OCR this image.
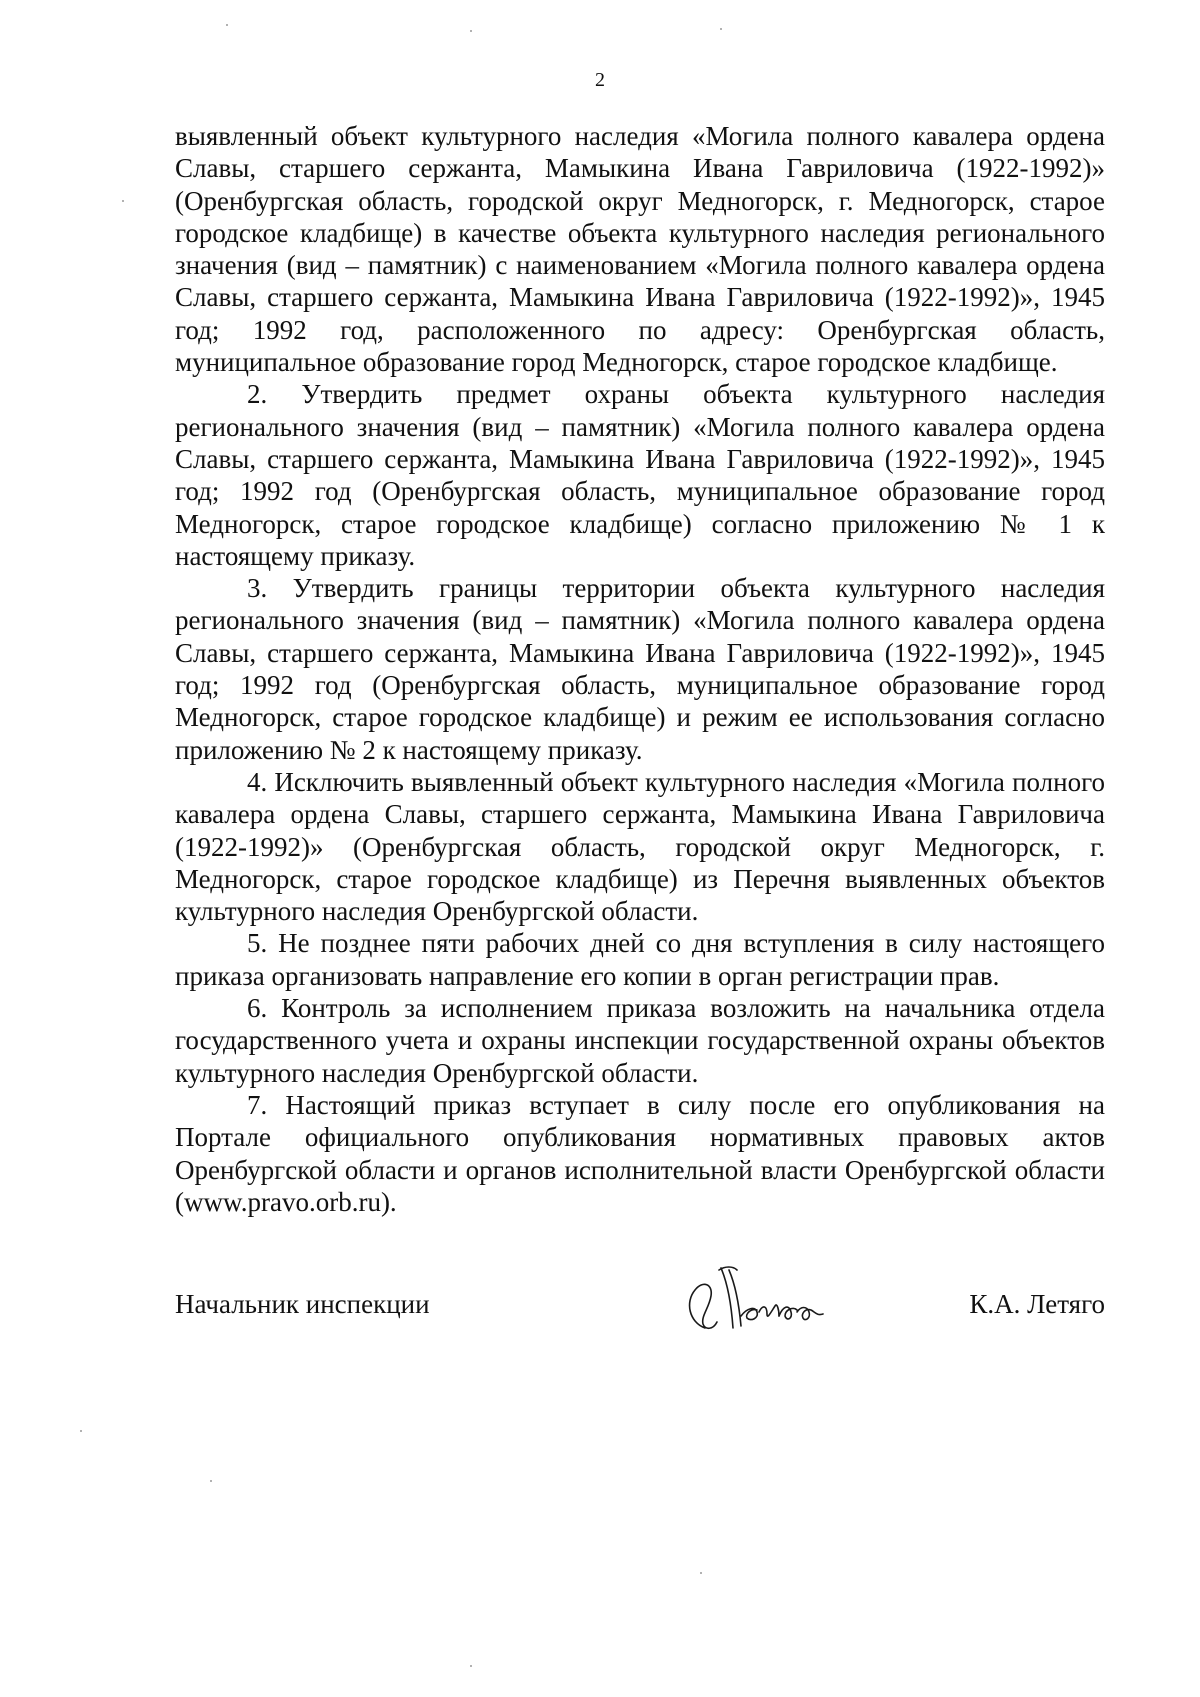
2

выявленный объект культурного наследия «Могила полного кавалера ордена Славы, старшего сержанта, Мамыкина Ивана Гавриловича (1922-1992)» (Оренбургская область, городской округ Медногорск, г. Медногорск, старое городское кладбище) в качестве объекта культурного наследия регионального значения (вид – памятник) с наименованием «Могила полного кавалера ордена Славы, старшего сержанта, Мамыкина Ивана Гавриловича (1922-1992)», 1945 год; 1992 год, расположенного по адресу: Оренбургская область, муниципальное образование город Медногорск, старое городское кладбище.

2. Утвердить предмет охраны объекта культурного наследия регионального значения (вид – памятник) «Могила полного кавалера ордена Славы, старшего сержанта, Мамыкина Ивана Гавриловича (1922-1992)», 1945 год; 1992 год (Оренбургская область, муниципальное образование город Медногорск, старое городское кладбище) согласно приложению № 1 к настоящему приказу.

3. Утвердить границы территории объекта культурного наследия регионального значения (вид – памятник) «Могила полного кавалера ордена Славы, старшего сержанта, Мамыкина Ивана Гавриловича (1922-1992)», 1945 год; 1992 год (Оренбургская область, муниципальное образование город Медногорск, старое городское кладбище) и режим ее использования согласно приложению № 2 к настоящему приказу.

4. Исключить выявленный объект культурного наследия «Могила полного кавалера ордена Славы, старшего сержанта, Мамыкина Ивана Гавриловича (1922-1992)» (Оренбургская область, городской округ Медногорск, г. Медногорск, старое городское кладбище) из Перечня выявленных объектов культурного наследия Оренбургской области.

5. Не позднее пяти рабочих дней со дня вступления в силу настоящего приказа организовать направление его копии в орган регистрации прав.

6. Контроль за исполнением приказа возложить на начальника отдела государственного учета и охраны инспекции государственной охраны объектов культурного наследия Оренбургской области.

7. Настоящий приказ вступает в силу после его опубликования на Портале официального опубликования нормативных правовых актов Оренбургской области и органов исполнительной власти Оренбургской области (www.pravo.orb.ru).

Начальник инспекции	К.А. Летяго
